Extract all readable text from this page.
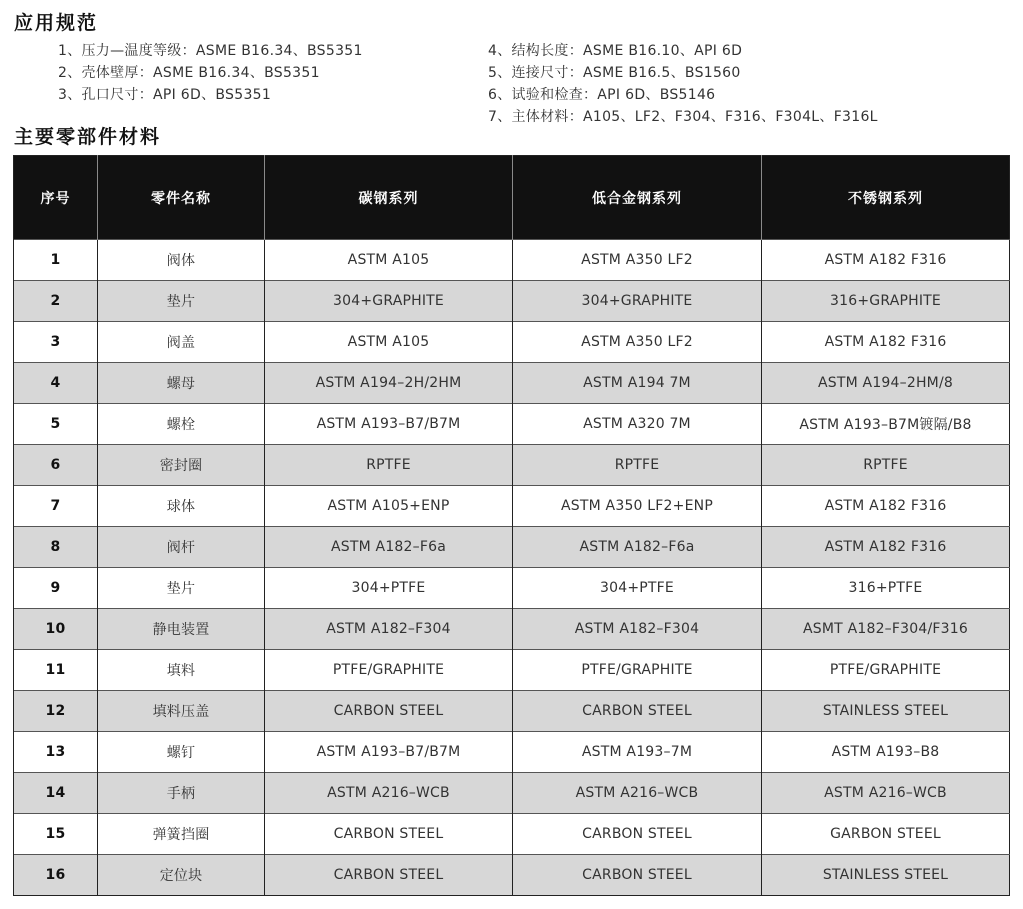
应用规范
1、压力—温度等级：ASME B16.34、BS5351
2、壳体壁厚：ASME B16.34、BS5351
3、孔口尺寸：API 6D、BS5351
4、结构长度：ASME B16.10、API 6D
5、连接尺寸：ASME B16.5、BS1560
6、试验和检查：API 6D、BS5146
7、主体材料：A105、LF2、F304、F316、F304L、F316L
主要零部件材料
序号	零件名称	碳钢系列	低合金钢系列	不锈钢系列
1	阀体	ASTM A105	ASTM A350 LF2	ASTM A182 F316
2	垫片	304+GRAPHITE	304+GRAPHITE	316+GRAPHITE
3	阀盖	ASTM A105	ASTM A350 LF2	ASTM A182 F316
4	螺母	ASTM A194–2H/2HM	ASTM A194 7M	ASTM A194–2HM/8
5	螺栓	ASTM A193–B7/B7M	ASTM A320 7M	ASTM A193–B7M镀隔/B8
6	密封圈	RPTFE	RPTFE	RPTFE
7	球体	ASTM A105+ENP	ASTM A350 LF2+ENP	ASTM A182 F316
8	阀杆	ASTM A182–F6a	ASTM A182–F6a	ASTM A182 F316
9	垫片	304+PTFE	304+PTFE	316+PTFE
10	静电装置	ASTM A182–F304	ASTM A182–F304	ASMT A182–F304/F316
11	填料	PTFE/GRAPHITE	PTFE/GRAPHITE	PTFE/GRAPHITE
12	填料压盖	CARBON STEEL	CARBON STEEL	STAINLESS STEEL
13	螺钉	ASTM A193–B7/B7M	ASTM A193–7M	ASTM A193–B8
14	手柄	ASTM A216–WCB	ASTM A216–WCB	ASTM A216–WCB
15	弹簧挡圈	CARBON STEEL	CARBON STEEL	GARBON STEEL
16	定位块	CARBON STEEL	CARBON STEEL	STAINLESS STEEL
